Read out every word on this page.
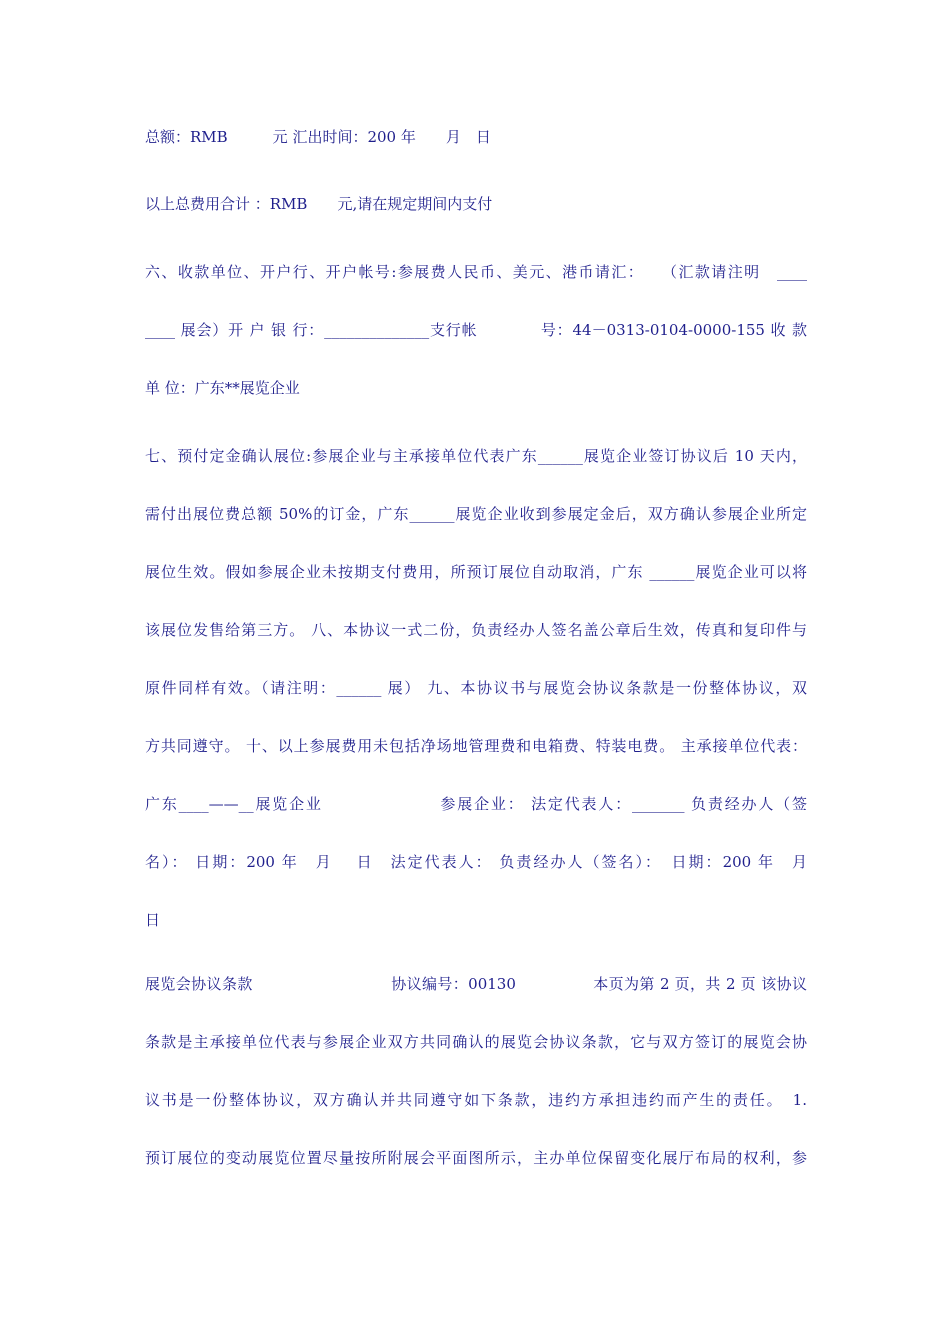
总额：RMB　　　元 汇出时间：200 年　　月　日
以上总费用合计 ：RMB　　元,请在规定期间内支付
六、收款单位、开户行、开户帐号:参展费人民币、美元、港币请汇：　　（汇款请注明　____
____ 展会）开 户 银 行：______________支行帐　　　　号：44－0313-0104-0000-155 收 款
单 位：广东**展览企业
七、预付定金确认展位:参展企业与主承接单位代表广东______展览企业签订协议后 10 天内，
需付出展位费总额 50%的订金，广东______展览企业收到参展定金后，双方确认参展企业所定
展位生效。假如参展企业未按期支付费用，所预订展位自动取消，广东 ______展览企业可以将
该展位发售给第三方。 八、本协议一式二份，负责经办人签名盖公章后生效，传真和复印件与
原件同样有效。（请注明：______ 展） 九、本协议书与展览会协议条款是一份整体协议，双
方共同遵守。 十、以上参展费用未包括净场地管理费和电箱费、特装电费。 主承接单位代表：
广东____——__展览企业　　　　　　　参展企业： 法定代表人：_______ 负责经办人（签
名）： 日期：200 年　月　 日　法定代表人： 负责经办人（签名）：　日期：200 年　月
日
展览会协议条款　　　　　　　　　协议编号：00130　　　　　本页为第 2 页，共 2 页 该协议
条款是主承接单位代表与参展企业双方共同确认的展览会协议条款，它与双方签订的展览会协
议书是一份整体协议，双方确认并共同遵守如下条款，违约方承担违约而产生的责任。　1.
预订展位的变动展览位置尽量按所附展会平面图所示，主办单位保留变化展厅布局的权利，参
